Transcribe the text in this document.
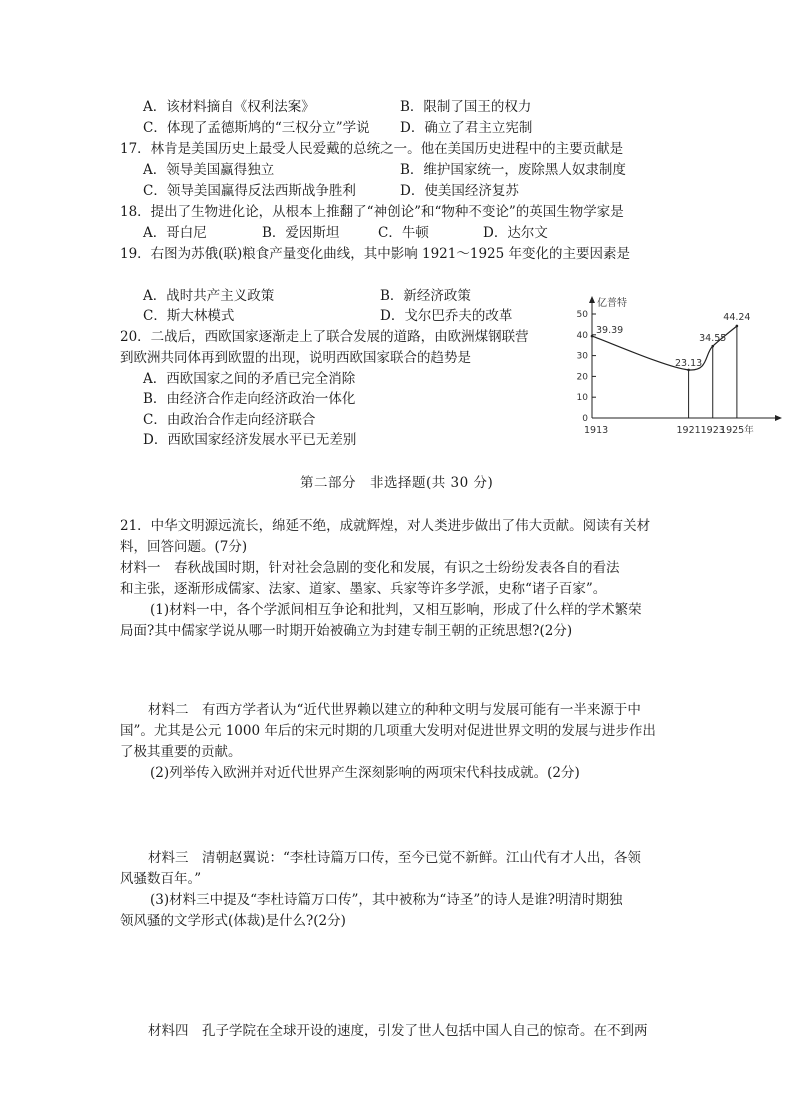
A．该材料摘自《权利法案》	B．限制了国王的权力
C．体现了孟德斯鸠的“三权分立”学说 D．确立了君主立宪制
17．林肯是美国历史上最受人民爱戴的总统之一。他在美国历史进程中的主要贡献是
A．领导美国赢得独立	B．维护国家统一，废除黑人奴隶制度
C．领导美国赢得反法西斯战争胜利	D．使美国经济复苏
18．提出了生物进化论，从根本上推翻了“神创论”和“物种不变论”的英国生物学家是
A．哥白尼	B．爱因斯坦	C．牛顿	D．达尔文
19．右图为苏俄(联)粮食产量变化曲线，其中影响 1921～1925 年变化的主要因素是
A．战时共产主义政策	B．新经济政策
C．斯大林模式	D．戈尔巴乔夫的改革
20．二战后，西欧国家逐渐走上了联合发展的道路，由欧洲煤钢联营
到欧洲共同体再到欧盟的出现，说明西欧国家联合的趋势是
A．西欧国家之间的矛盾已完全消除
B．由经济合作走向经济政治一体化
C．由政治合作走向经济联合
D．西欧国家经济发展水平已无差别
亿普特
0
10
20
30
40
50
1913	1921 1923
1925年
39.39
23.13
34.55
44.24
第二部分　非选择题(共 30 分)
21．中华文明源远流长，绵延不绝，成就辉煌，对人类进步做出了伟大贡献。阅读有关材
料，回答问题。(7分)
材料一　春秋战国时期，针对社会急剧的变化和发展，有识之士纷纷发表各自的看法
和主张，逐渐形成儒家、法家、道家、墨家、兵家等许多学派，史称“诸子百家”。
(1)材料一中，各个学派间相互争论和批判，又相互影响，形成了什么样的学术繁荣
局面?其中儒家学说从哪一时期开始被确立为封建专制王朝的正统思想?(2分)
材料二　有西方学者认为“近代世界赖以建立的种种文明与发展可能有一半来源于中
国”。尤其是公元 1000 年后的宋元时期的几项重大发明对促进世界文明的发展与进步作出
了极其重要的贡献。
(2)列举传入欧洲并对近代世界产生深刻影响的两项宋代科技成就。(2分)
材料三　清朝赵翼说：“李杜诗篇万口传，至今已觉不新鲜。江山代有才人出，各领
风骚数百年。”
(3)材料三中提及“李杜诗篇万口传”，其中被称为“诗圣”的诗人是谁?明清时期独
领风骚的文学形式(体裁)是什么?(2分)
材料四　孔子学院在全球开设的速度，引发了世人包括中国人自己的惊奇。在不到两
